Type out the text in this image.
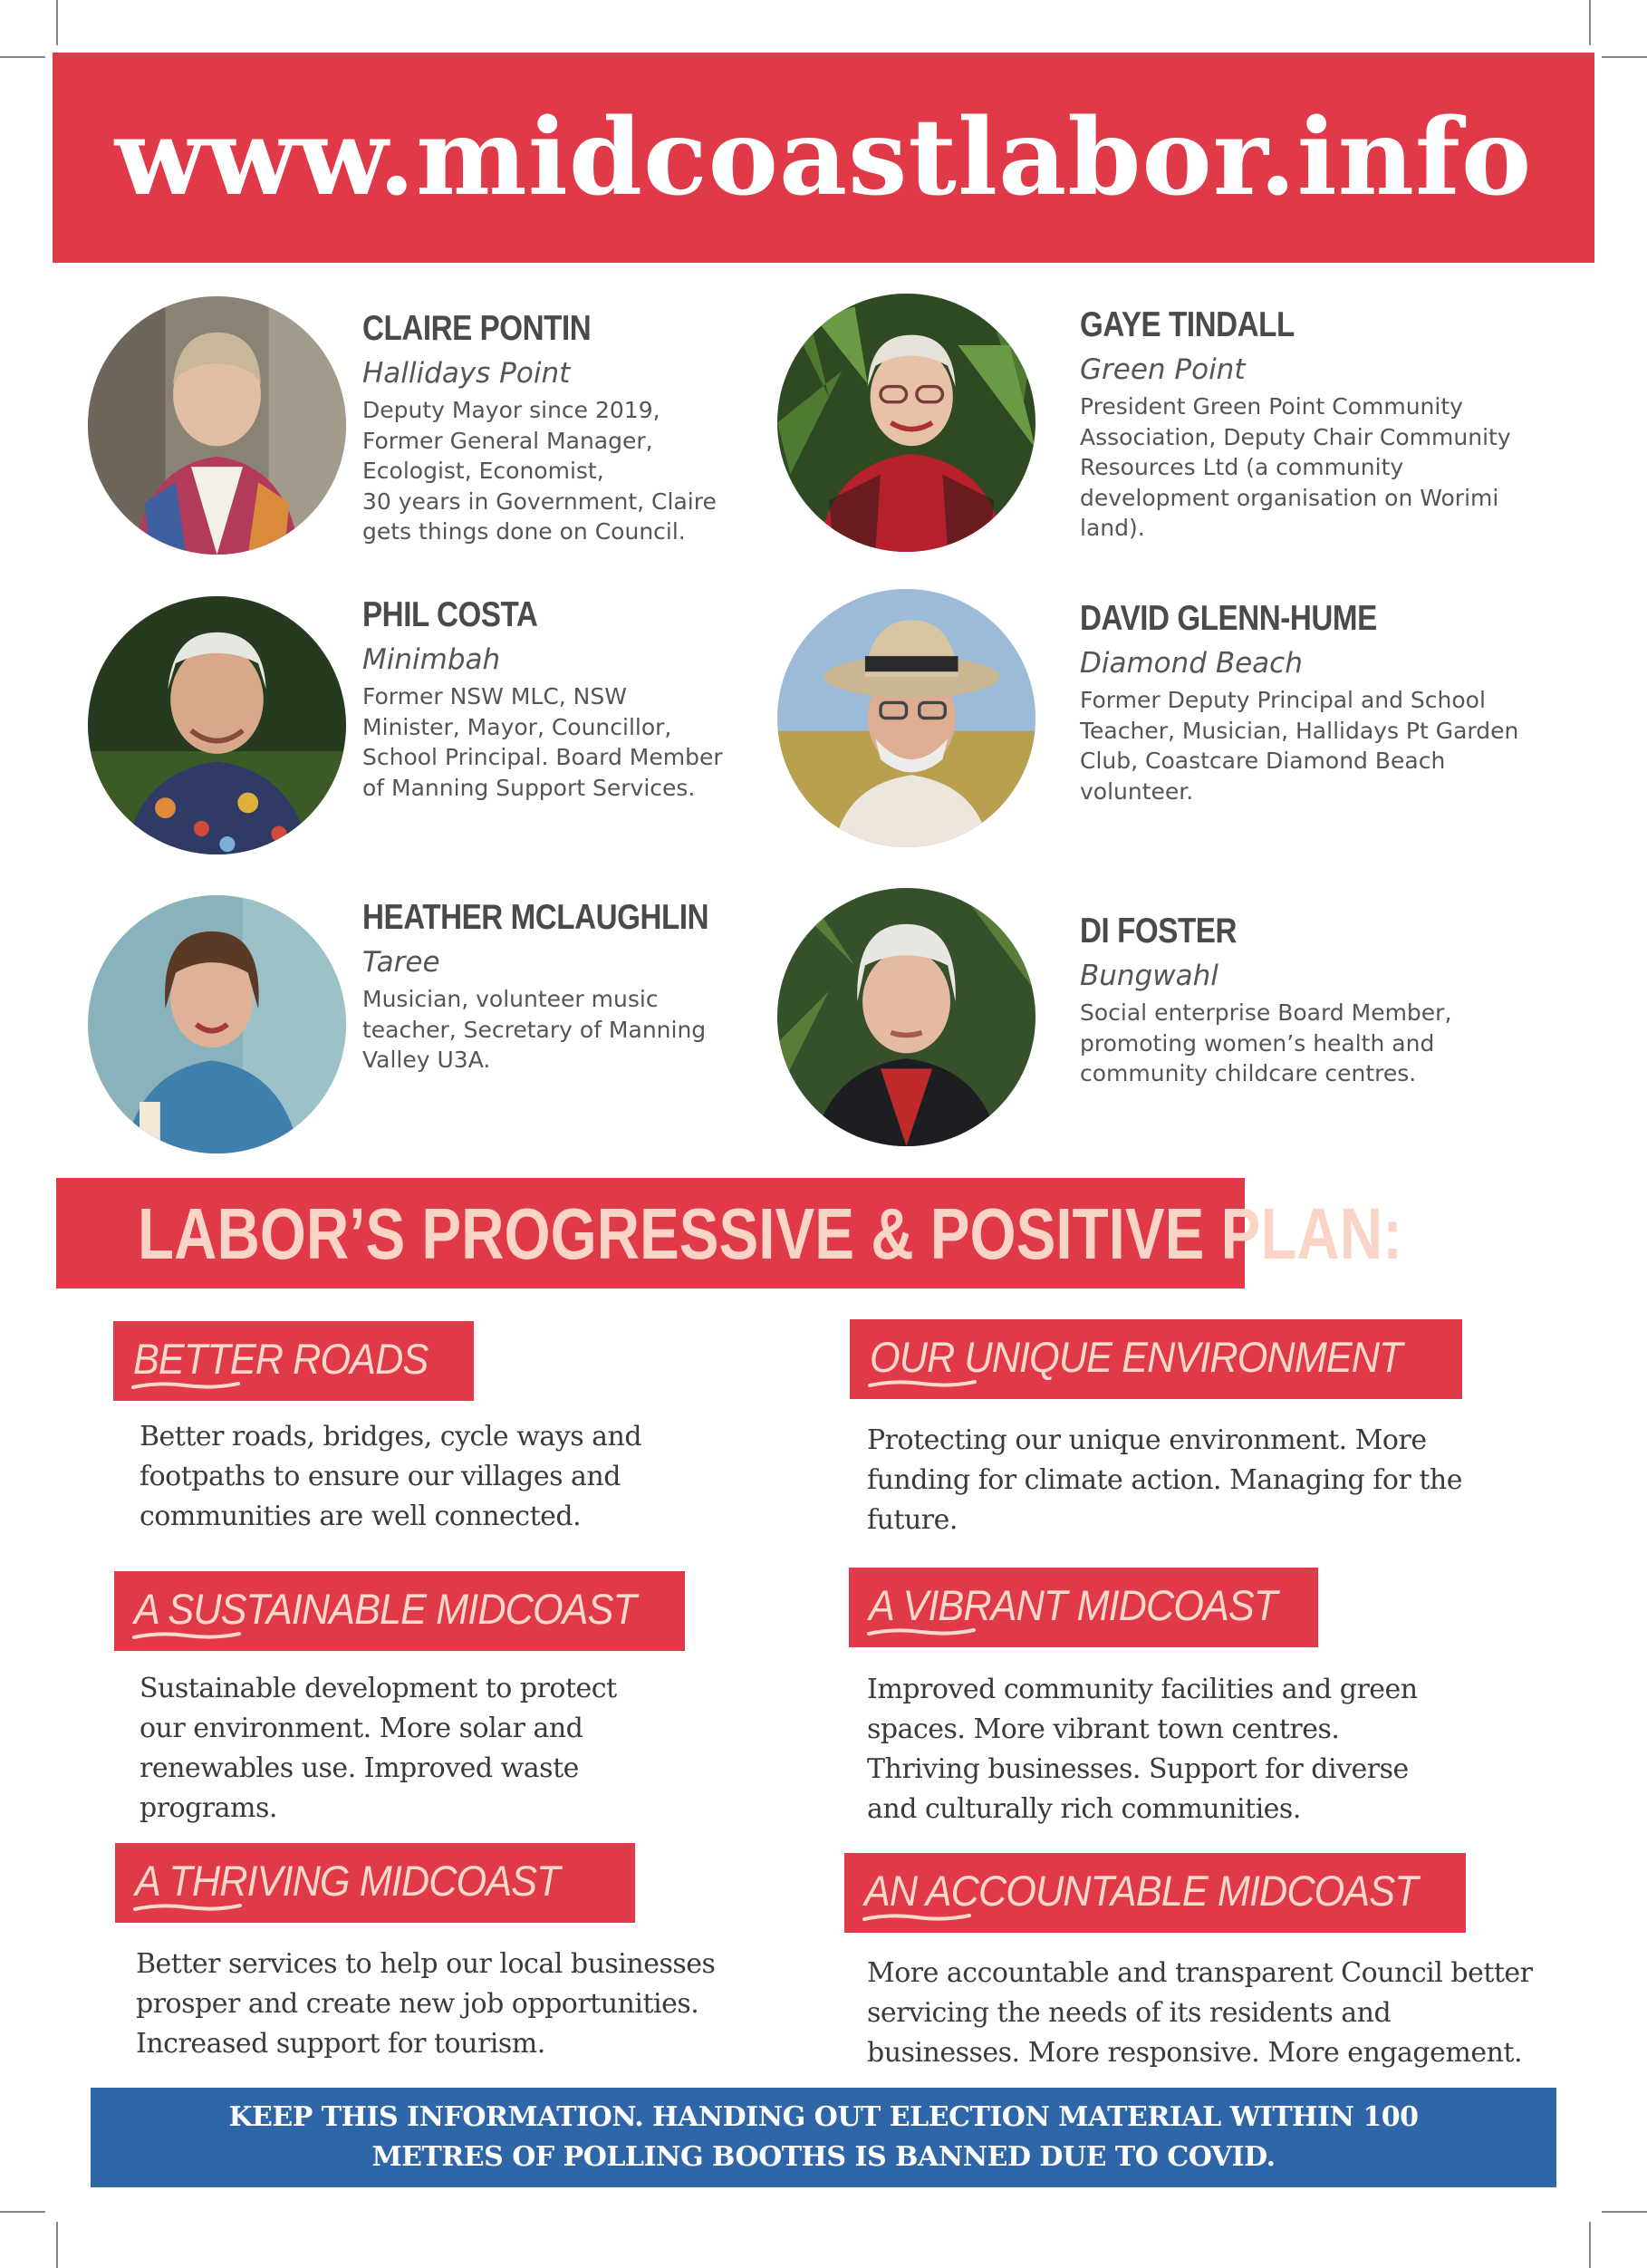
www.midcoastlabor.info
CLAIRE PONTIN
Hallidays Point
Deputy Mayor since 2019,
Former General Manager,
Ecologist, Economist,
30 years in Government, Claire
gets things done on Council.
GAYE TINDALL
Green Point
President Green Point Community
Association, Deputy Chair Community
Resources Ltd (a community
development organisation on Worimi
land).
PHIL COSTA
Minimbah
Former NSW MLC, NSW
Minister, Mayor, Councillor,
School Principal. Board Member
of Manning Support Services.
DAVID GLENN-HUME
Diamond Beach
Former Deputy Principal and School
Teacher, Musician, Hallidays Pt Garden
Club, Coastcare Diamond Beach
volunteer.
HEATHER MCLAUGHLIN
Taree
Musician, volunteer music
teacher, Secretary of Manning
Valley U3A.
DI FOSTER
Bungwahl
Social enterprise Board Member,
promoting women’s health and
community childcare centres.
LABOR’S PROGRESSIVE & POSITIVE PLAN:
BETTER ROADS
Better roads, bridges, cycle ways and
footpaths to ensure our villages and
communities are well connected.
OUR UNIQUE ENVIRONMENT
Protecting our unique environment. More
funding for climate action. Managing for the
future.
A SUSTAINABLE MIDCOAST
Sustainable development to protect
our environment. More solar and
renewables use. Improved waste
programs.
A VIBRANT MIDCOAST
Improved community facilities and green
spaces. More vibrant town centres.
Thriving businesses. Support for diverse
and culturally rich communities.
A THRIVING MIDCOAST
Better services to help our local businesses
prosper and create new job opportunities.
Increased support for tourism.
AN ACCOUNTABLE MIDCOAST
More accountable and transparent Council better
servicing the needs of its residents and
businesses. More responsive. More engagement.
KEEP THIS INFORMATION. HANDING OUT ELECTION MATERIAL WITHIN 100
METRES OF POLLING BOOTHS IS BANNED DUE TO COVID.
